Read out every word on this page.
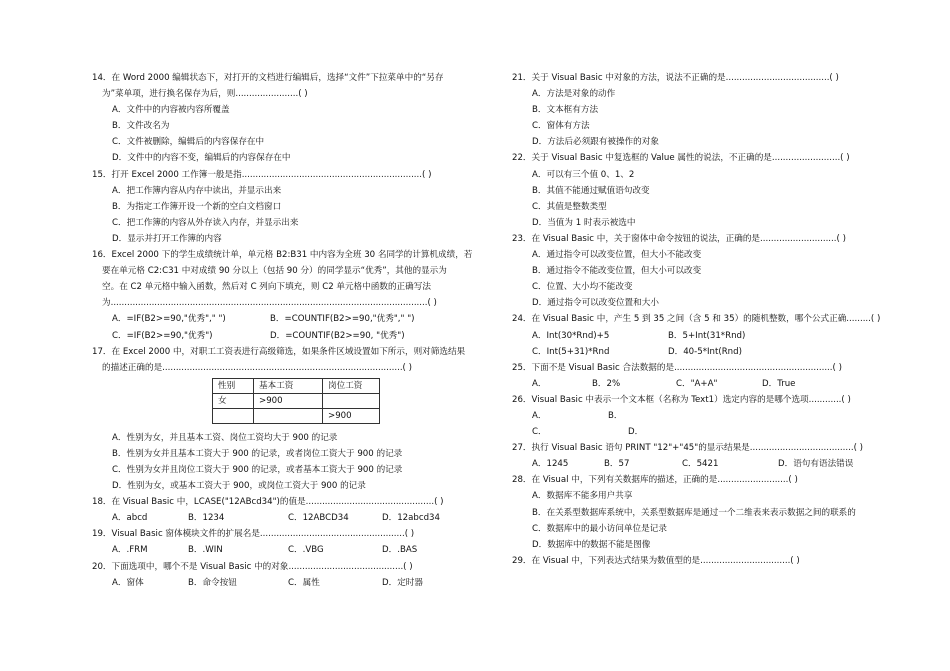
14．在 Word 2000 编辑状态下，对打开的文档进行编辑后，选择“文件”下拉菜单中的“另存

为”菜单项，进行换名保存为后，则.......................( )

A．文件中的内容被内容所覆盖

B．文件改名为

C．文件被删除，编辑后的内容保存在中

D．文件中的内容不变，编辑后的内容保存在中

15．打开 Excel 2000 工作簿一般是指..................................................................( )

A．把工作簿内容从内存中读出，并显示出来

B．为指定工作簿开设一个新的空白文档窗口

C．把工作簿的内容从外存读入内存，并显示出来

D．显示并打开工作簿的内容

16．Excel 2000 下的学生成绩统计单，单元格 B2:B31 中内容为全班 30 名同学的计算机成绩，若

要在单元格 C2:C31 中对成绩 90 分以上（包括 90 分）的同学显示“优秀”，其他的显示为

空。在 C2 单元格中输入函数，然后对 C 列向下填充，则 C2 单元格中函数的正确写法

为....................................................................................................................( )

A．=IF(B2>=90,"优秀"," ")	B．=COUNTIF(B2>=90,"优秀"," ")
C．=IF(B2>=90,"优秀")	D．=COUNTIF(B2>=90, "优秀")

17．在 Excel 2000 中，对职工工资表进行高级筛选，如果条件区域设置如下所示，则对筛选结果

的描述正确的是........................................................................................( )

性别	基本工资	岗位工资
女	>900	
		>900

A．性别为女，并且基本工资、岗位工资均大于 900 的记录

B．性别为女并且基本工资大于 900 的记录，或者岗位工资大于 900 的记录

C．性别为女并且岗位工资大于 900 的记录，或者基本工资大于 900 的记录

D．性别为女，或基本工资大于 900，或岗位工资大于 900 的记录

18．在 Visual Basic 中，LCASE("12ABcd34")的值是...............................................( )

A．abcd	B．1234	C．12ABCD34	D．12abcd34

19．Visual Basic 窗体模块文件的扩展名是.....................................................( )

A．.FRM	B．.WIN	C．.VBG	D．.BAS

20．下面选项中，哪个不是 Visual Basic 中的对象..........................................( )

A．窗体	B．命令按钮	C．属性	D．定时器

21．关于 Visual Basic 中对象的方法，说法不正确的是......................................( )

A．方法是对象的动作

B．文本框有方法

C．窗体有方法

D．方法后必须跟有被操作的对象

22．关于 Visual Basic 中复选框的 Value 属性的说法，不正确的是.........................( )

A．可以有三个值 0、1、2

B．其值不能通过赋值语句改变

C．其值是整数类型

D．当值为 1 时表示被选中

23．在 Visual Basic 中，关于窗体中命令按钮的说法，正确的是............................( )

A．通过指令可以改变位置，但大小不能改变

B．通过指令不能改变位置，但大小可以改变

C．位置、大小均不能改变

D．通过指令可以改变位置和大小

24．在 Visual Basic 中，产生 5 到 35 之间（含 5 和 35）的随机整数，哪个公式正确.........( )

A．Int(30*Rnd)+5	B．5+Int(31*Rnd)
C．Int(5+31)*Rnd	D．40-5*Int(Rnd)

25．下面不是 Visual Basic 合法数据的是..........................................................( )

A．	B．2%	C．"A+A"	D．True

26．Visual Basic 中表示一个文本框（名称为 Text1）选定内容的是哪个选项............( )

A．	B．
C．	D．

27．执行 Visual Basic 语句 PRINT "12"+"45"的显示结果是......................................( )

A．1245	B．57	C．5421	D．语句有语法错误

28．在 Visual 中，下列有关数据库的描述，正确的是..........................( )

A．数据库不能多用户共享

B．在关系型数据库系统中，关系型数据库是通过一个二维表来表示数据之间的联系的

C．数据库中的最小访问单位是记录

D．数据库中的数据不能是图像

29．在 Visual 中，下列表达式结果为数值型的是.................................( )
